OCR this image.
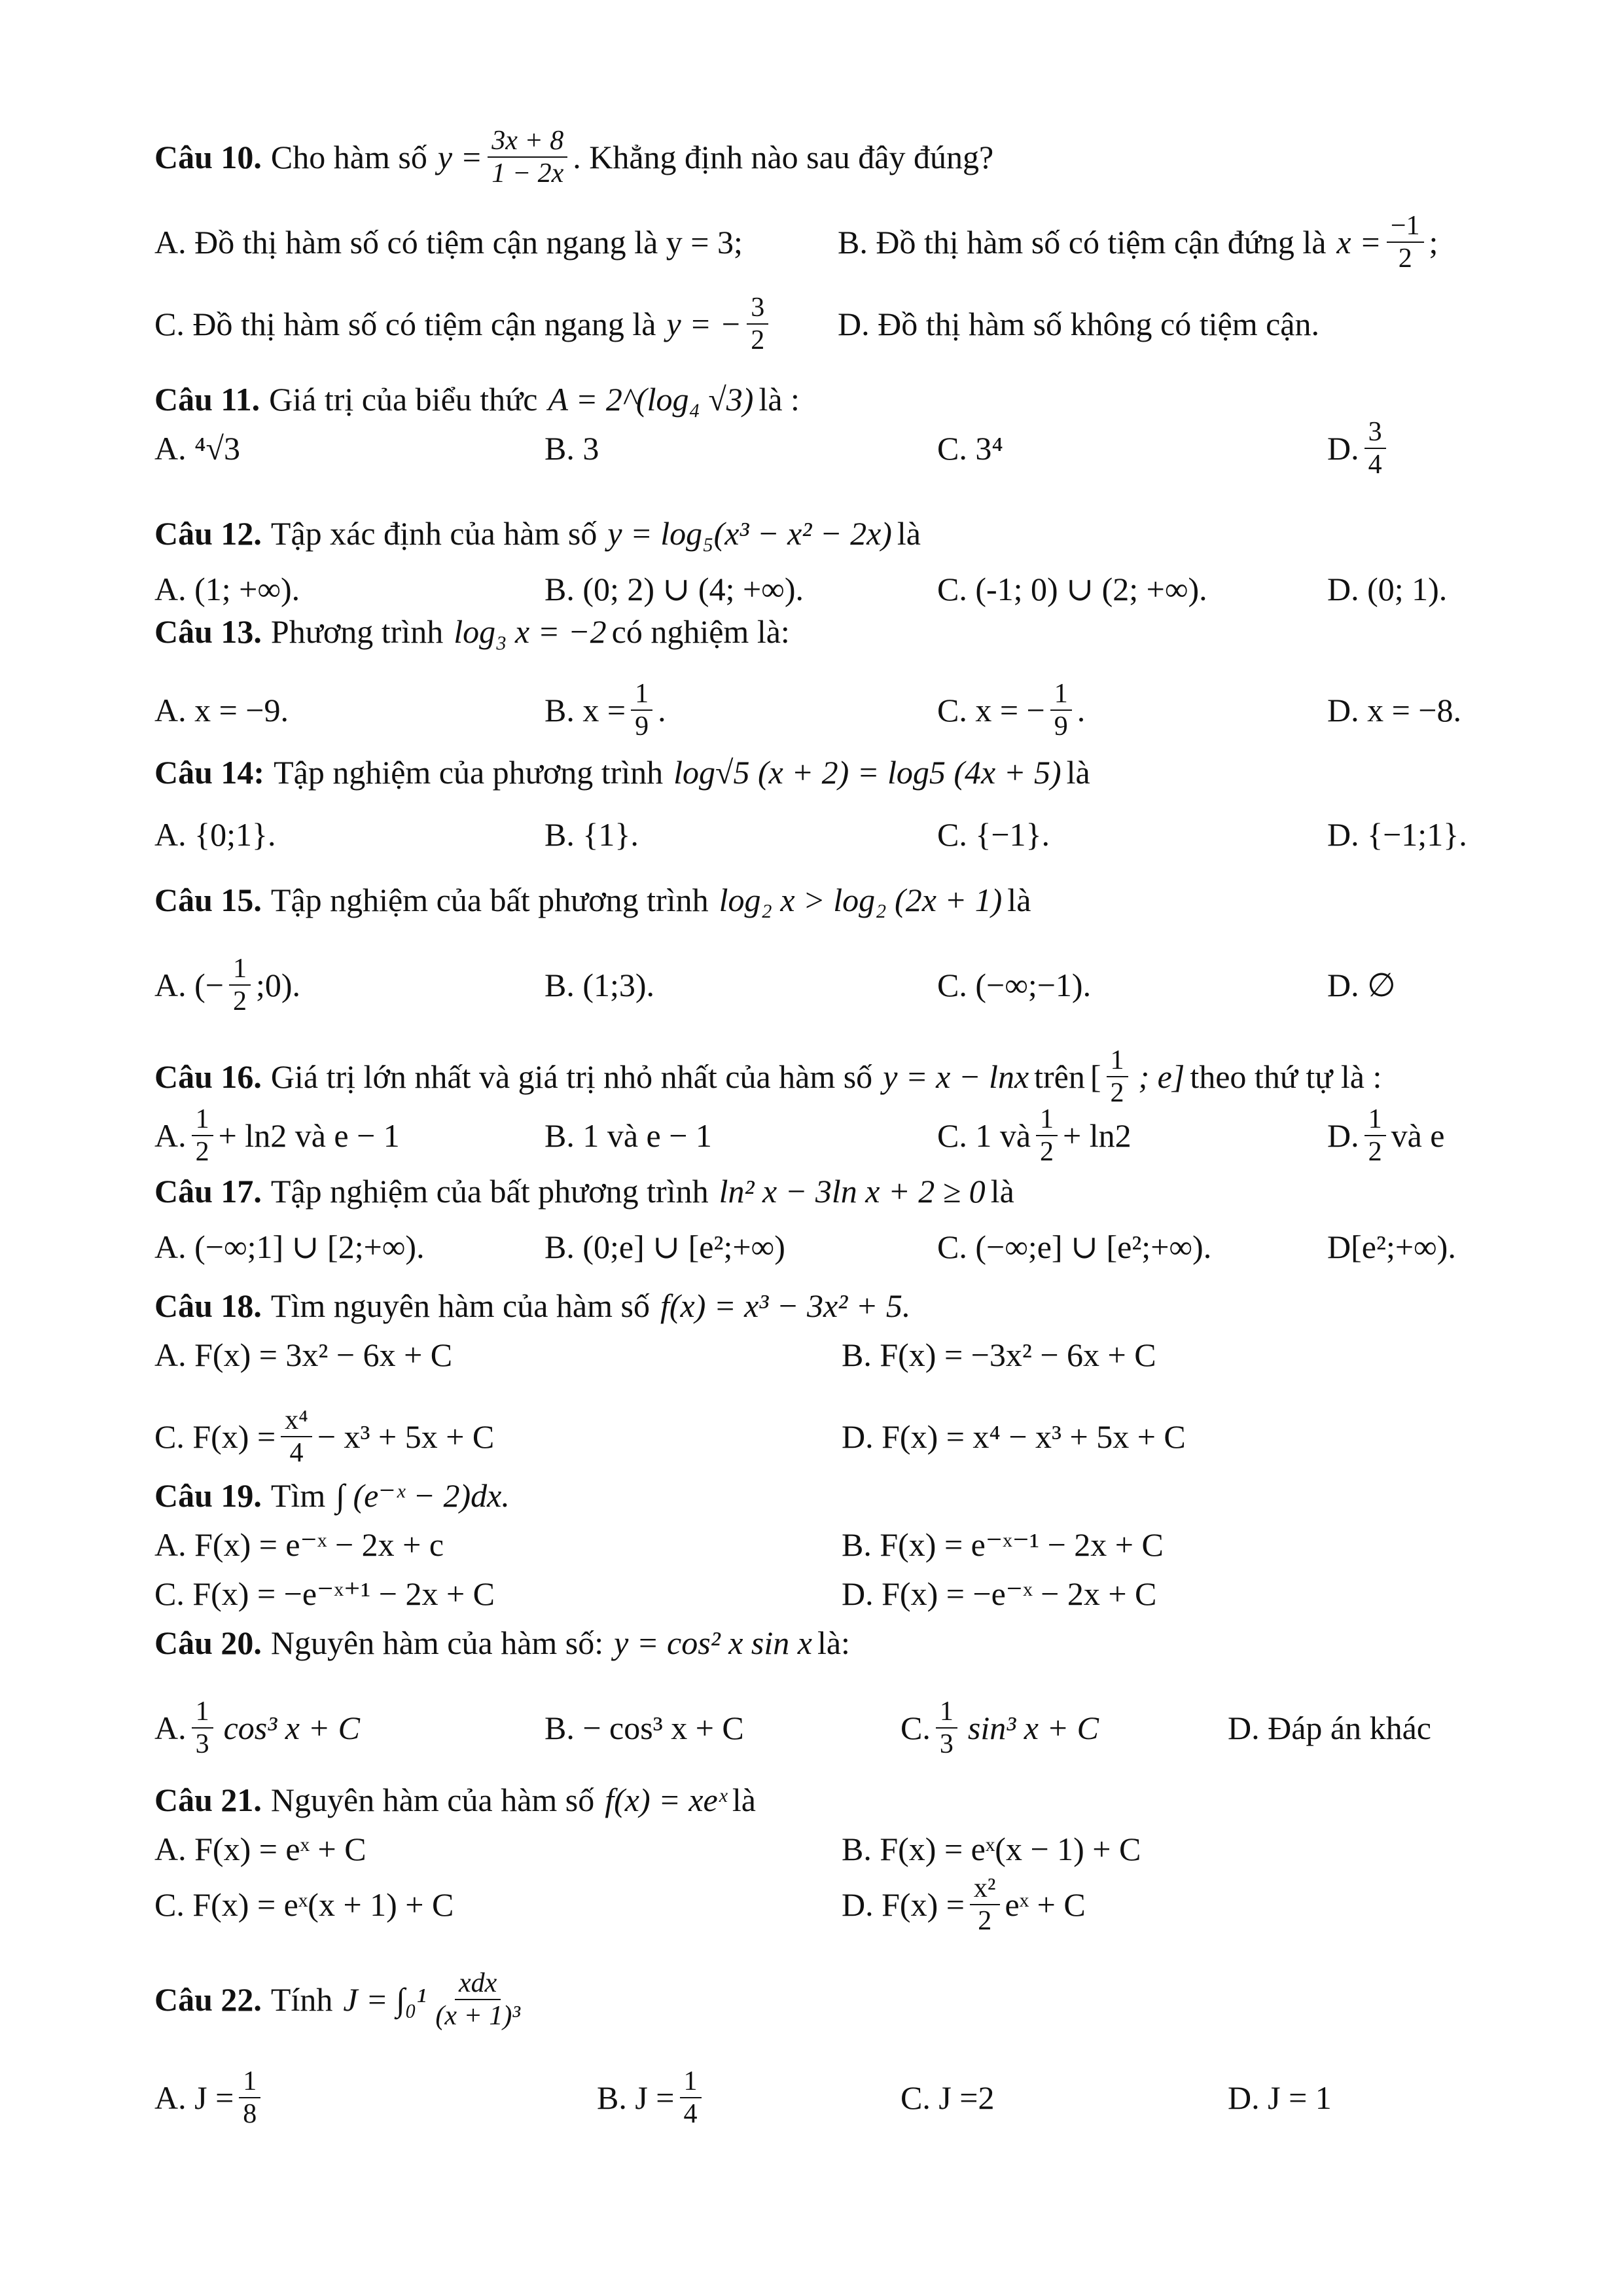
Câu 10. Cho hàm số $y = \frac{3x + 8}{1 - 2x}$ . Khẳng định nào sau đây đúng?
A. Đồ thị hàm số có tiệm cận ngang là y = 3;	B. Đồ thị hàm số có tiệm cận đứng là $x = \frac{-1}{2}$ ;
C. Đồ thị hàm số có tiệm cận ngang là y = − $\frac{3}{2} D$. Đồ thị hàm số không có tiệm cận.
Câu 11. Giá trị của biểu thức A = 2^(log₄ √3) là :
A. ⁴√3	B. 3	C. 3⁴	D. $\frac{3}{4}$
Câu 12. Tập xác định của hàm số y = log₅(x³ − x² − 2x) là
A. (1; +∞).	B. (0; 2) ∪ (4; +∞).	C. (-1; 0) ∪ (2; +∞).	D. (0; 1).
Câu 13. Phương trình log₃ x = −2 có nghiệm là:
A. x = −9.	B. $x = \frac{1}{9}$ .	C. x = − $\frac{1}{9}$ .	D. x = −8.
Câu 14: Tập nghiệm của phương trình log√5 (x + 2) = log5 (4x + 5) là
A. {0;1}.	B. {1}.	C. {−1}.	D. {−1;1}.
Câu 15. Tập nghiệm của bất phương trình log₂ x > log₂ (2x + 1) là
A. (− $\frac{1}{2}$ ;0).	B. (1;3).	C. (−∞;−1).	D. ∅
Câu 16. Giá trị lớn nhất và giá trị nhỏ nhất của hàm số y = x − lnx trên [ $\frac{1}{2}$ ; e] theo thứ tự là :
A. $\frac{1}{2} + \ln 2$ và e − 1	B. 1 và e − 1	C. 1 và $\frac{1}{2} + \ln 2$	D. $\frac{1}{2}$ và e
Câu 17. Tập nghiệm của bất phương trình ln² x − 3ln x + 2 ≥ 0 là
A. (−∞;1] ∪ [2;+∞).	B. (0;e] ∪ [e²;+∞)	C. (−∞;e] ∪ [e²;+∞).	D[e²;+∞).
Câu 18. Tìm nguyên hàm của hàm số f(x) = x³ − 3x² + 5.
A. F(x) = 3x² − 6x + C	B. F(x) = −3x² − 6x + C
C. $F(x) = \frac{\text{x⁴}}{4} - x^3 + 5x + C$	D. F(x) = x⁴ − x³ + 5x + C
Câu 19. Tìm ∫ (e⁻ˣ − 2)dx.
A. F(x) = e⁻ˣ − 2x + c	B. F(x) = e⁻ˣ⁻¹ − 2x + C
C. F(x) = −e⁻ˣ⁺¹ − 2x + C	D. F(x) = −e⁻ˣ − 2x + C
Câu 20. Nguyên hàm của hàm số: y = cos² x sin x là:
A. $\frac{1}{3} \cos^3$ x + C	B. − cos³ x + C	C. $\frac{1}{3} \sin^3$ x + C	D. Đáp án khác
Câu 21. Nguyên hàm của hàm số f(x) = xeˣ là
A. F(x) = eˣ + C	B. F(x) = eˣ(x − 1) + C
C. F(x) = eˣ(x + 1) + C	D. $F(x) = \frac{\text{x²}}{2}$ eˣ + C
Câu 22. Tính J = ∫₀¹ xdx
(x + 1)³
A. $J = \frac{1}{8}$	B. $J = \frac{1}{4}$	C. J =2	D. J = 1
